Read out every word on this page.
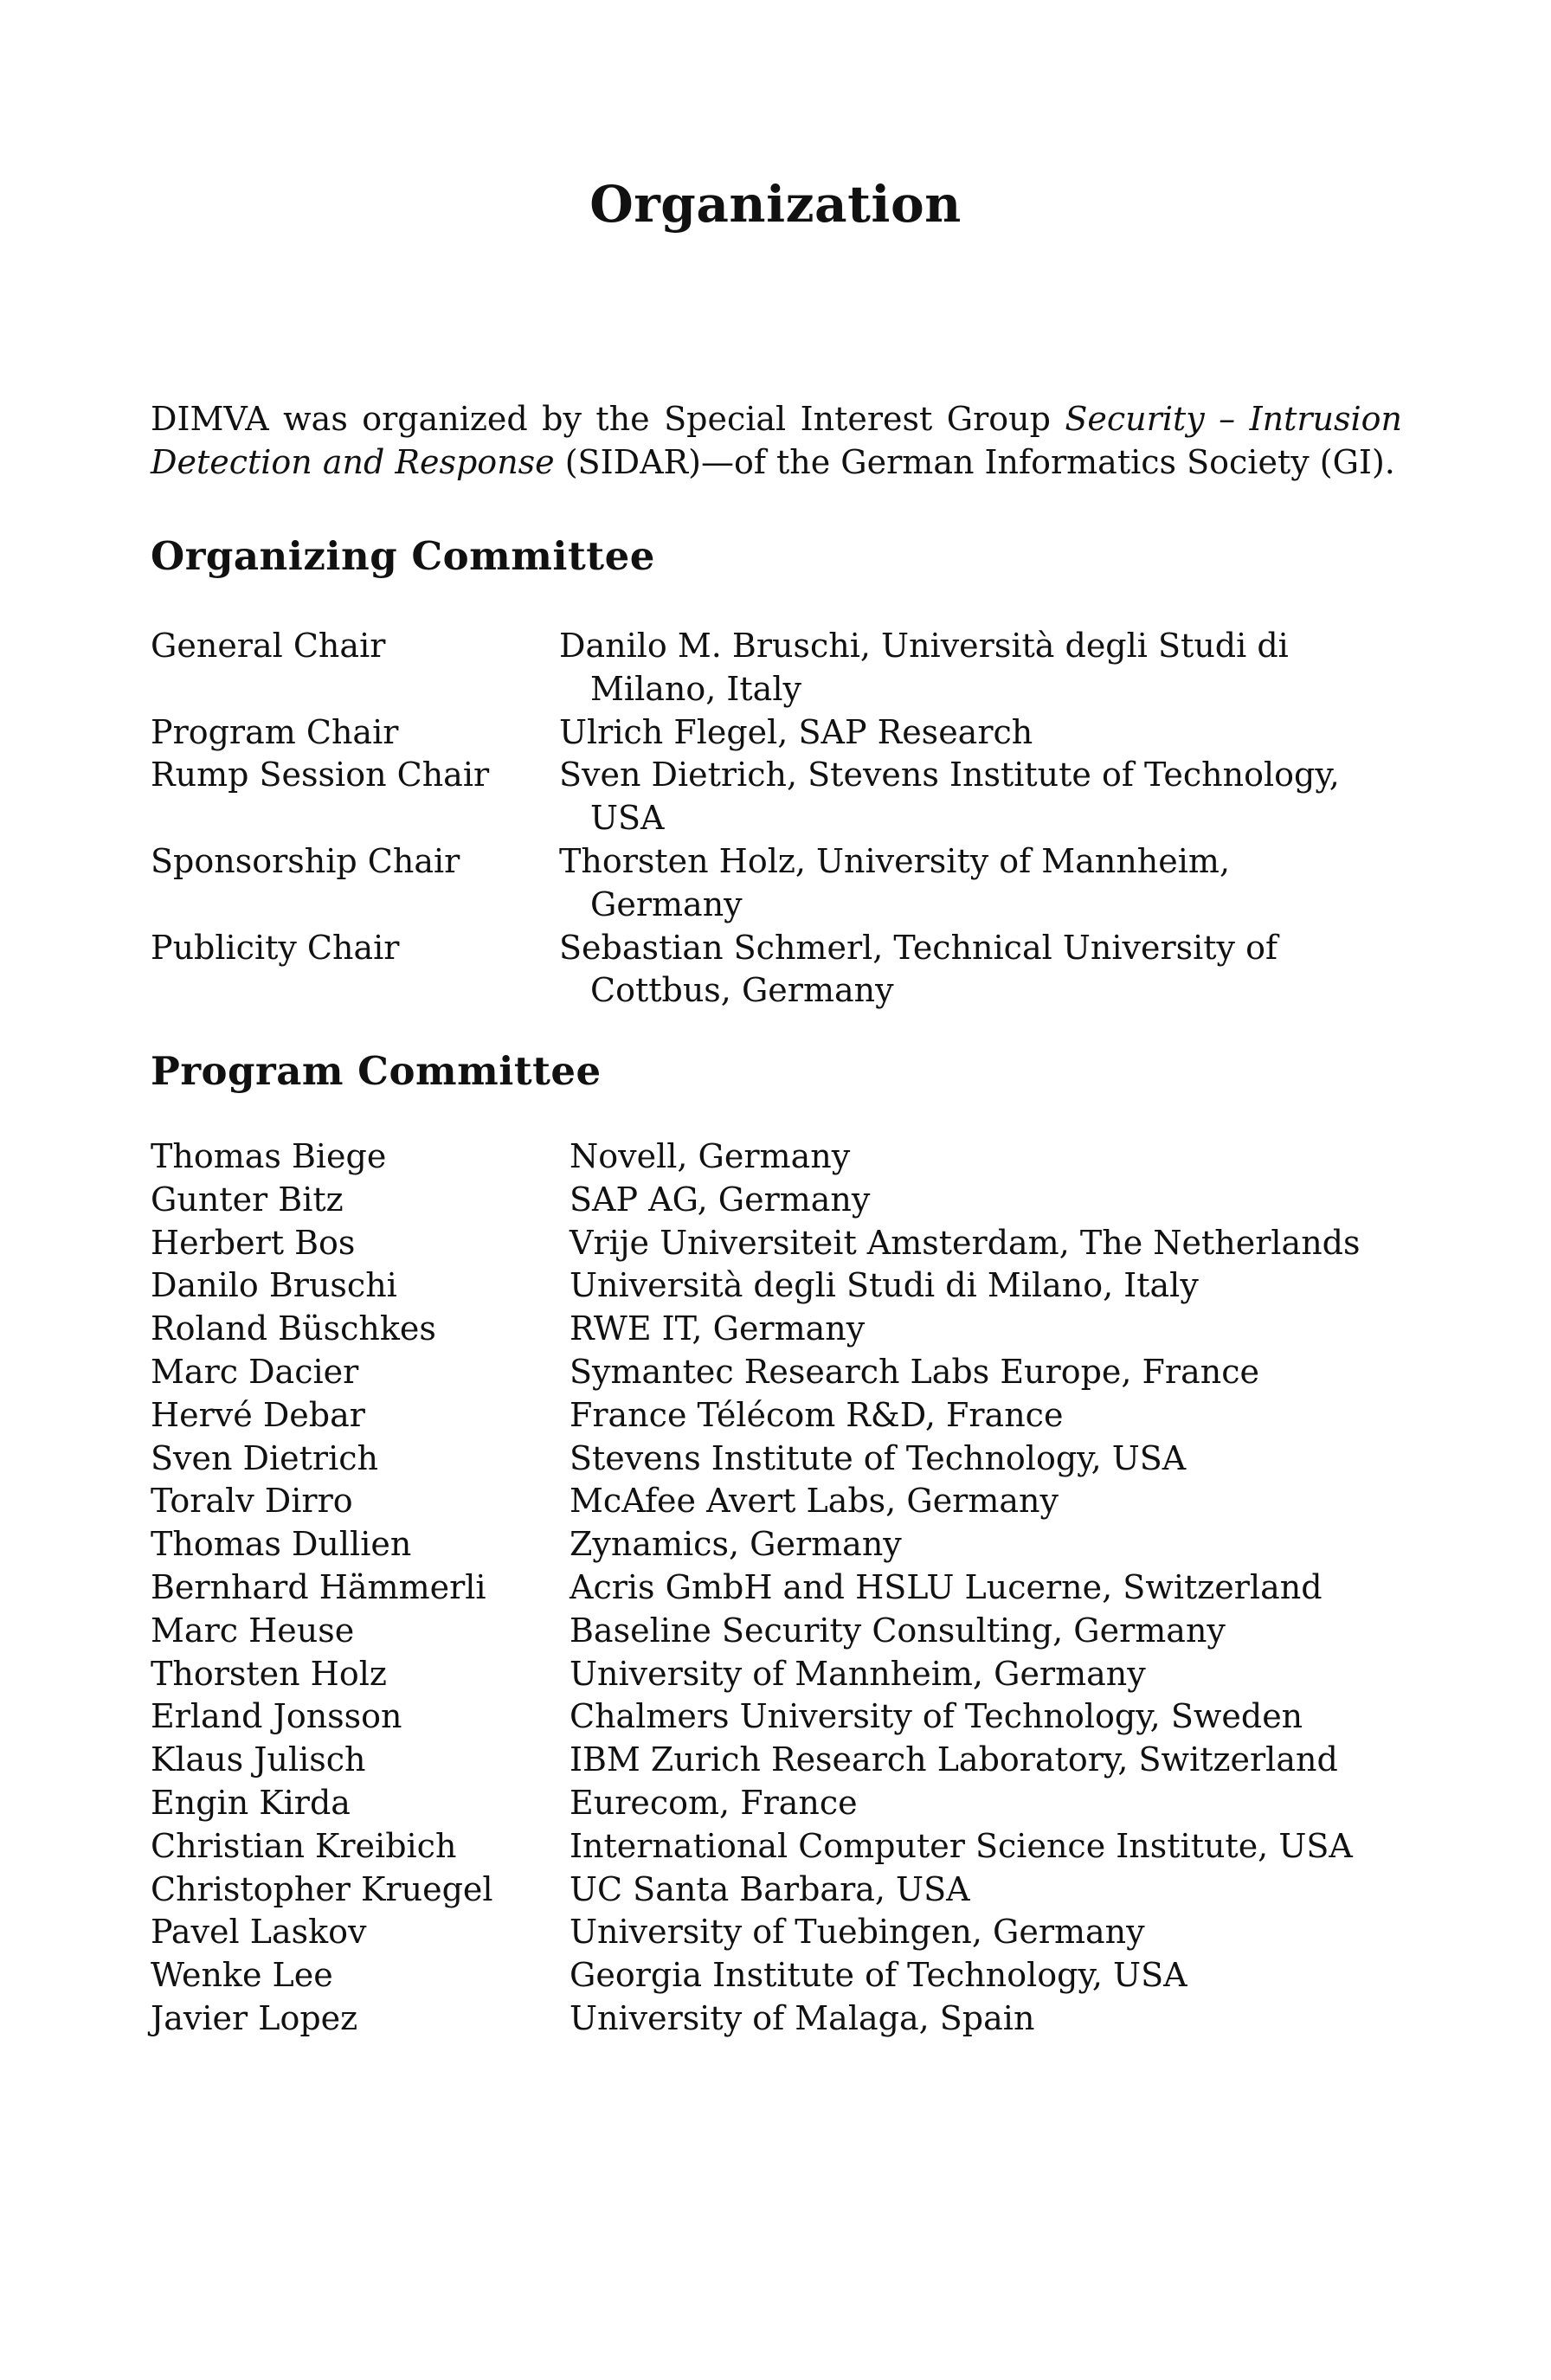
Organization

DIMVA was organized by the Special Interest Group Security – Intrusion Detection and Response (SIDAR)—of the German Informatics Society (GI).

Organizing Committee
General Chair	Danilo M. Bruschi, Università degli Studi di Milano, Italy
Program Chair	Ulrich Flegel, SAP Research
Rump Session Chair	Sven Dietrich, Stevens Institute of Technology, USA
Sponsorship Chair	Thorsten Holz, University of Mannheim, Germany
Publicity Chair	Sebastian Schmerl, Technical University of Cottbus, Germany
Program Committee
Thomas Biege	Novell, Germany
Gunter Bitz	SAP AG, Germany
Herbert Bos	Vrije Universiteit Amsterdam, The Netherlands
Danilo Bruschi	Università degli Studi di Milano, Italy
Roland Büschkes	RWE IT, Germany
Marc Dacier	Symantec Research Labs Europe, France
Hervé Debar	France Télécom R&D, France
Sven Dietrich	Stevens Institute of Technology, USA
Toralv Dirro	McAfee Avert Labs, Germany
Thomas Dullien	Zynamics, Germany
Bernhard Hämmerli	Acris GmbH and HSLU Lucerne, Switzerland
Marc Heuse	Baseline Security Consulting, Germany
Thorsten Holz	University of Mannheim, Germany
Erland Jonsson	Chalmers University of Technology, Sweden
Klaus Julisch	IBM Zurich Research Laboratory, Switzerland
Engin Kirda	Eurecom, France
Christian Kreibich	International Computer Science Institute, USA
Christopher Kruegel	UC Santa Barbara, USA
Pavel Laskov	University of Tuebingen, Germany
Wenke Lee	Georgia Institute of Technology, USA
Javier Lopez	University of Malaga, Spain
